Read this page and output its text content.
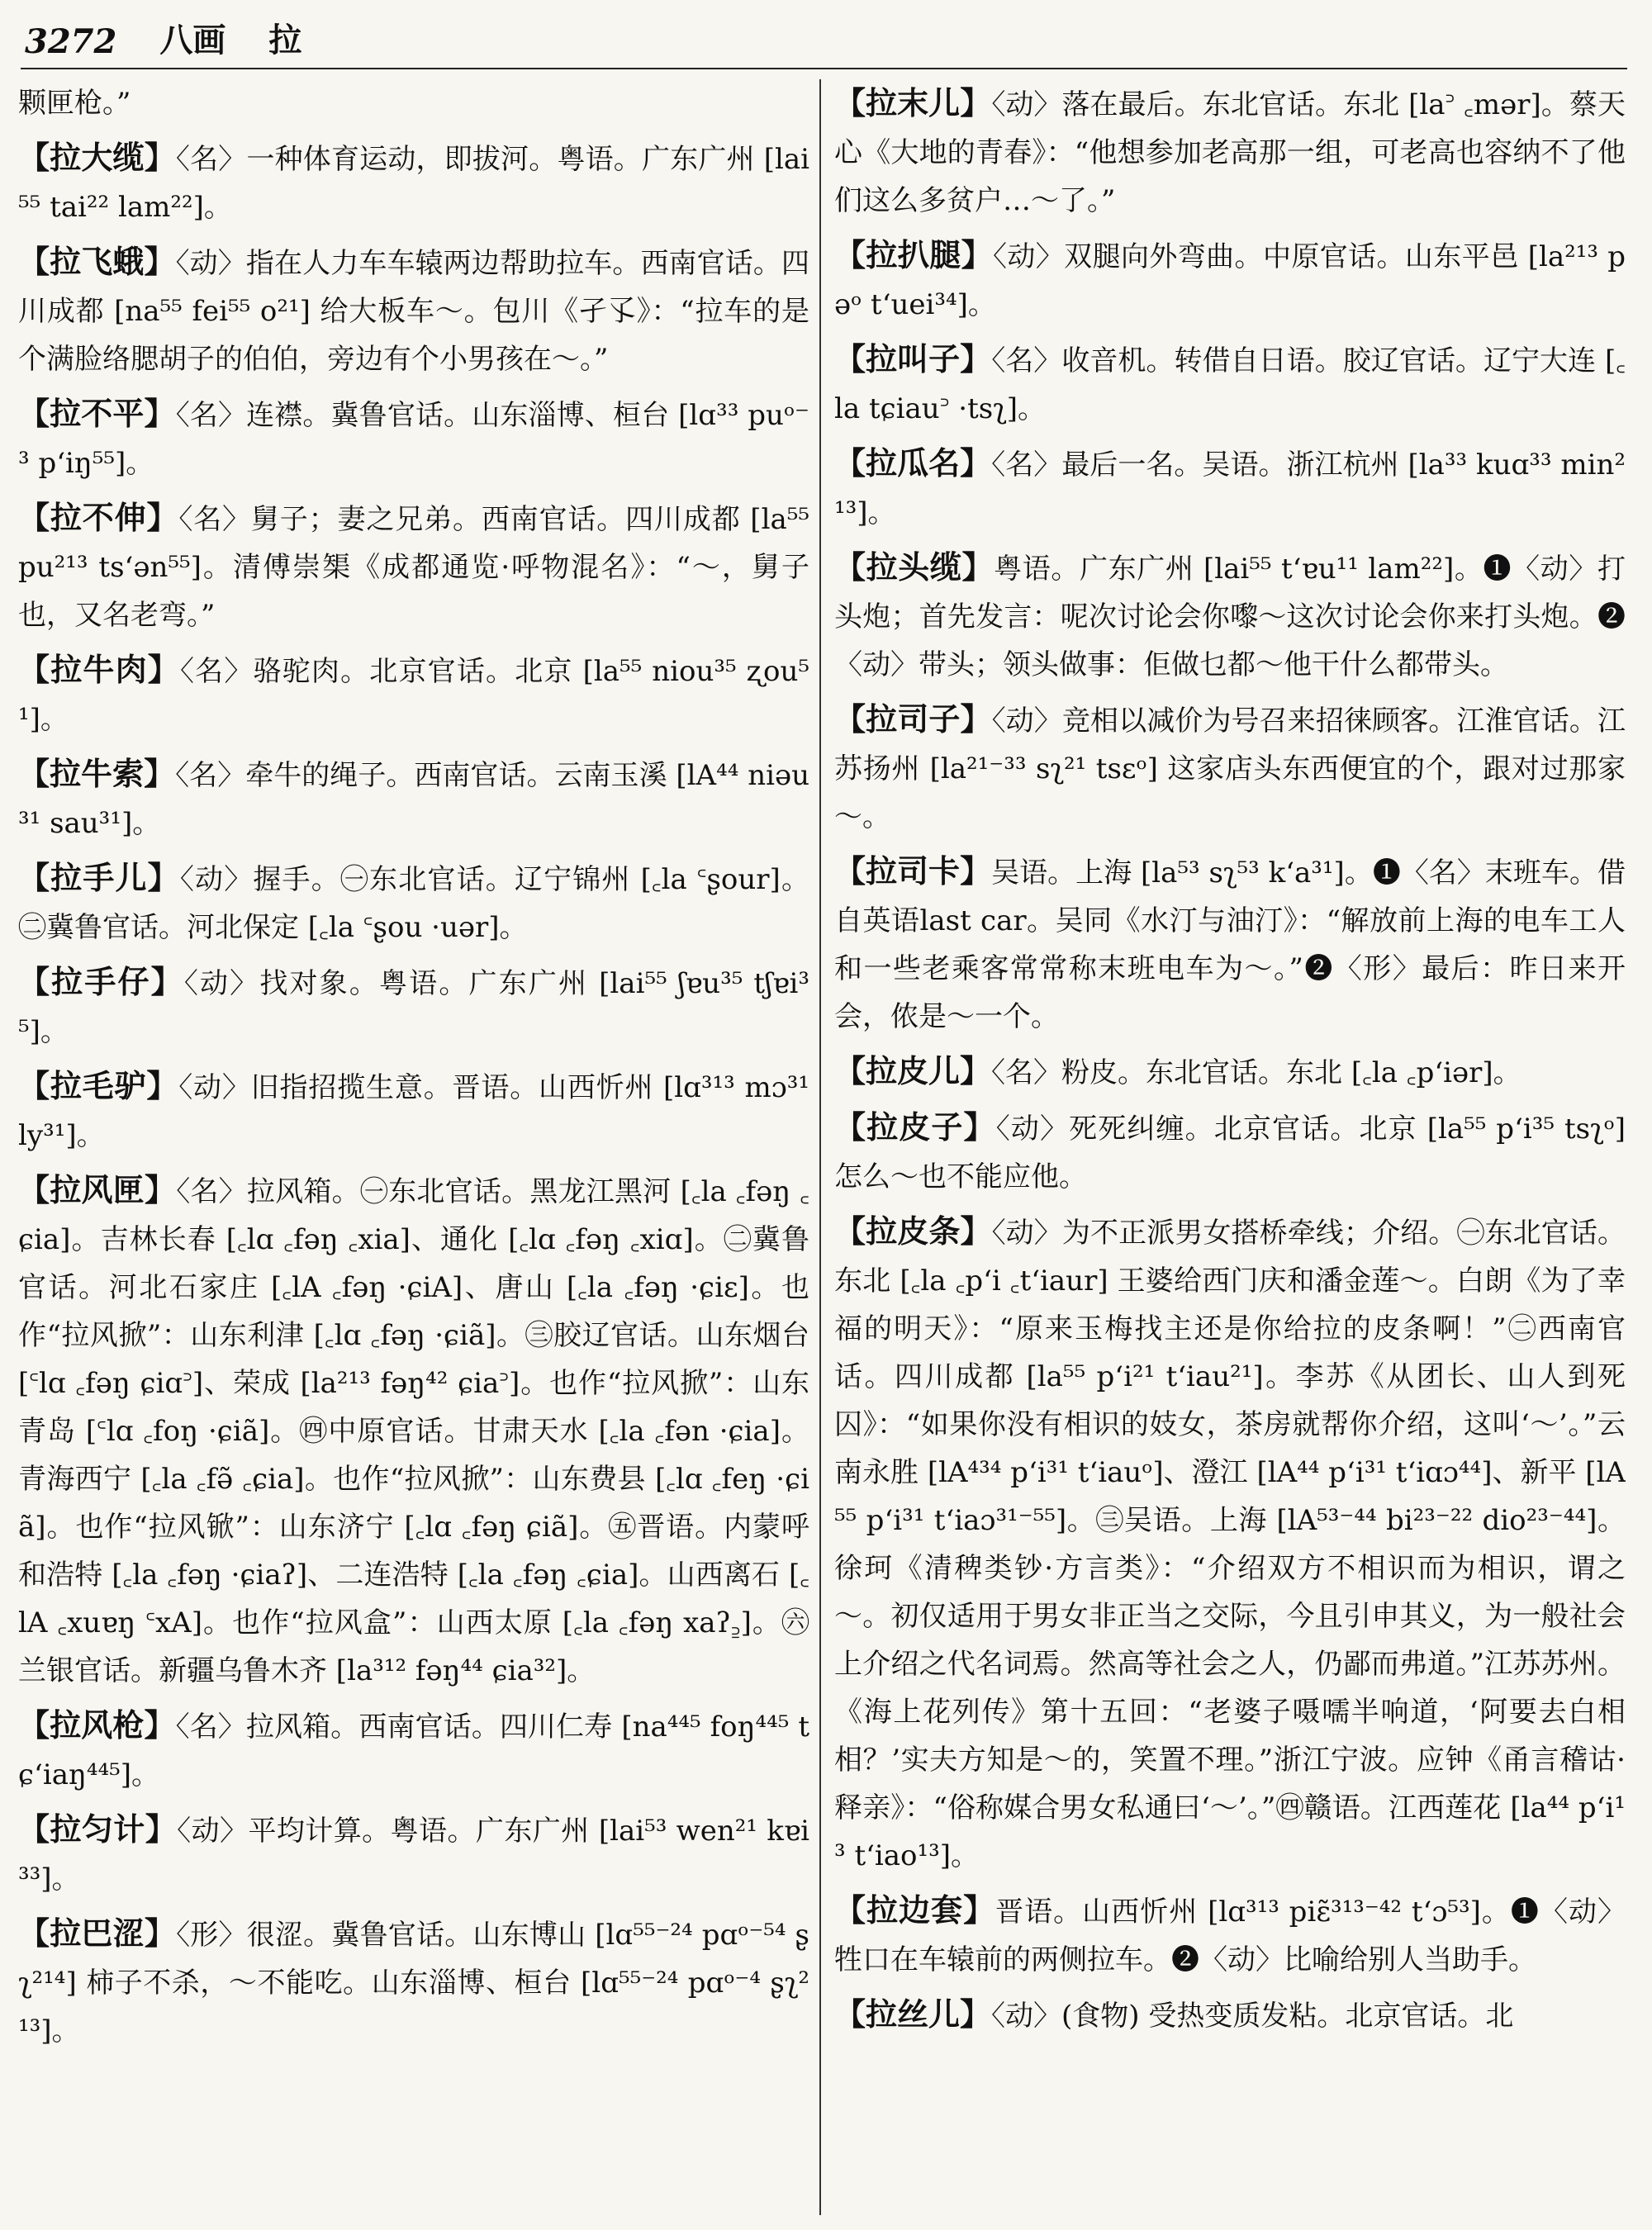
3272 八画 拉
颗匣枪。”

【拉大缆】〈名〉一种体育运动，即拔河。粤语。广东广州 [lai⁵⁵ tai²² lam²²]。

【拉飞蛾】〈动〉指在人力车车辕两边帮助拉车。西南官话。四川成都 [na⁵⁵ fei⁵⁵ o²¹] 给大板车～。包川《孑孓》：“拉车的是个满脸络腮胡子的伯伯，旁边有个小男孩在～。”

【拉不平】〈名〉连襟。冀鲁官话。山东淄博、桓台 [lɑ³³ puᵒ⁻³ pʻiŋ⁵⁵]。

【拉不伸】〈名〉舅子；妻之兄弟。西南官话。四川成都 [la⁵⁵ pu²¹³ tsʻən⁵⁵]。清傅崇榘《成都通览·呼物混名》：“～，舅子也，又名老弯。”

【拉牛肉】〈名〉骆驼肉。北京官话。北京 [la⁵⁵ niou³⁵ ʐou⁵¹]。

【拉牛索】〈名〉牵牛的绳子。西南官话。云南玉溪 [lA⁴⁴ niəu³¹ sau³¹]。

【拉手儿】〈动〉握手。㊀东北官话。辽宁锦州 [꜀la ꜂ʂour]。㊁冀鲁官话。河北保定 [꜀la ꜂ʂou ·uər]。

【拉手仔】〈动〉找对象。粤语。广东广州 [lai⁵⁵ ʃɐu³⁵ tʃɐi³⁵]。

【拉毛驴】〈动〉旧指招揽生意。晋语。山西忻州 [lɑ³¹³ mɔ³¹ ly³¹]。

【拉风匣】〈名〉拉风箱。㊀东北官话。黑龙江黑河 [꜀la ꜀fəŋ ꜀ɕia]。吉林长春 [꜀lɑ ꜀fəŋ ꜀xia]、通化 [꜀lɑ ꜀fəŋ ꜀xiɑ]。㊁冀鲁官话。河北石家庄 [꜀lA ꜀fəŋ ·ɕiA]、唐山 [꜀la ꜀fəŋ ·ɕiɛ]。也作“拉风掀”：山东利津 [꜀lɑ ꜀fəŋ ·ɕiã]。㊂胶辽官话。山东烟台 [꜂lɑ ꜀fəŋ ɕiɑ꜄]、荣成 [la²¹³ fəŋ⁴² ɕia꜄]。也作“拉风掀”：山东青岛 [꜂lɑ ꜀foŋ ·ɕiã]。㊃中原官话。甘肃天水 [꜀la ꜀fən ·ɕia]。青海西宁 [꜀la ꜀fə̃ ꜀ɕia]。也作“拉风掀”：山东费县 [꜀lɑ ꜀feŋ ·ɕiã]。也作“拉风锨”：山东济宁 [꜀lɑ ꜀fəŋ ɕiã]。㊄晋语。内蒙呼和浩特 [꜀la ꜀fəŋ ·ɕiaʔ]、二连浩特 [꜀la ꜀fəŋ ꜀ɕia]。山西离石 [꜀lA ꜀xuɐŋ ꜂xA]。也作“拉风盒”：山西太原 [꜀la ꜀fəŋ xaʔ꜇]。㊅兰银官话。新疆乌鲁木齐 [la³¹² fəŋ⁴⁴ ɕia³²]。

【拉风枪】〈名〉拉风箱。西南官话。四川仁寿 [na⁴⁴⁵ foŋ⁴⁴⁵ tɕʻiaŋ⁴⁴⁵]。

【拉匀计】〈动〉平均计算。粤语。广东广州 [lai⁵³ wen²¹ kɐi³³]。

【拉巴涩】〈形〉很涩。冀鲁官话。山东博山 [lɑ⁵⁵⁻²⁴ pɑᵒ⁻⁵⁴ ʂʅ²¹⁴] 柿子不杀，～不能吃。山东淄博、桓台 [lɑ⁵⁵⁻²⁴ pɑᵒ⁻⁴ ʂʅ²¹³]。

【拉末儿】〈动〉落在最后。东北官话。东北 [la꜄ ꜀mər]。蔡天心《大地的青春》：“他想参加老高那一组，可老高也容纳不了他们这么多贫户…～了。”

【拉扒腿】〈动〉双腿向外弯曲。中原官话。山东平邑 [la²¹³ pəᵒ tʻuei³⁴]。

【拉叫子】〈名〉收音机。转借自日语。胶辽官话。辽宁大连 [꜀la tɕiau꜄ ·tsʅ]。

【拉瓜名】〈名〉最后一名。吴语。浙江杭州 [la³³ kuɑ³³ min²¹³]。

【拉头缆】粤语。广东广州 [lai⁵⁵ tʻɐu¹¹ lam²²]。❶〈动〉打头炮；首先发言：呢次讨论会你嚟～这次讨论会你来打头炮。❷〈动〉带头；领头做事：佢做乜都～他干什么都带头。

【拉司子】〈动〉竞相以减价为号召来招徕顾客。江淮官话。江苏扬州 [la²¹⁻³³ sʅ²¹ tsɛᵒ] 这家店头东西便宜的个，跟对过那家～。

【拉司卡】吴语。上海 [la⁵³ sʅ⁵³ kʻa³¹]。❶〈名〉末班车。借自英语last car。吴同《水汀与油汀》：“解放前上海的电车工人和一些老乘客常常称末班电车为～。”❷〈形〉最后：昨日来开会，侬是～一个。

【拉皮儿】〈名〉粉皮。东北官话。东北 [꜀la ꜀pʻiər]。

【拉皮子】〈动〉死死纠缠。北京官话。北京 [la⁵⁵ pʻi³⁵ tsʅᵒ] 怎么～也不能应他。

【拉皮条】〈动〉为不正派男女搭桥牵线；介绍。㊀东北官话。东北 [꜀la ꜀pʻi ꜀tʻiaur] 王婆给西门庆和潘金莲～。白朗《为了幸福的明天》：“原来玉梅找主还是你给拉的皮条啊！”㊁西南官话。四川成都 [la⁵⁵ pʻi²¹ tʻiau²¹]。李苏《从团长、山人到死囚》：“如果你没有相识的妓女，茶房就帮你介绍，这叫‘～’。”云南永胜 [lA⁴³⁴ pʻi³¹ tʻiauᵒ]、澄江 [lA⁴⁴ pʻi³¹ tʻiɑɔ⁴⁴]、新平 [lA⁵⁵ pʻi³¹ tʻiaɔ³¹⁻⁵⁵]。㊂吴语。上海 [lA⁵³⁻⁴⁴ bi²³⁻²² dio²³⁻⁴⁴]。徐珂《清稗类钞·方言类》：“介绍双方不相识而为相识，谓之～。初仅适用于男女非正当之交际，今且引申其义，为一般社会上介绍之代名词焉。然高等社会之人，仍鄙而弗道。”江苏苏州。《海上花列传》第十五回：“老婆子嗫嚅半响道，‘阿要去白相相？’实夫方知是～的，笑置不理。”浙江宁波。应钟《甬言稽诂·释亲》：“俗称媒合男女私通曰‘～’。”㊃赣语。江西莲花 [la⁴⁴ pʻi¹³ tʻiao¹³]。

【拉边套】晋语。山西忻州 [lɑ³¹³ piɛ̃³¹³⁻⁴² tʻɔ⁵³]。❶〈动〉牲口在车辕前的两侧拉车。❷〈动〉比喻给别人当助手。

【拉丝儿】〈动〉(食物) 受热变质发粘。北京官话。北
